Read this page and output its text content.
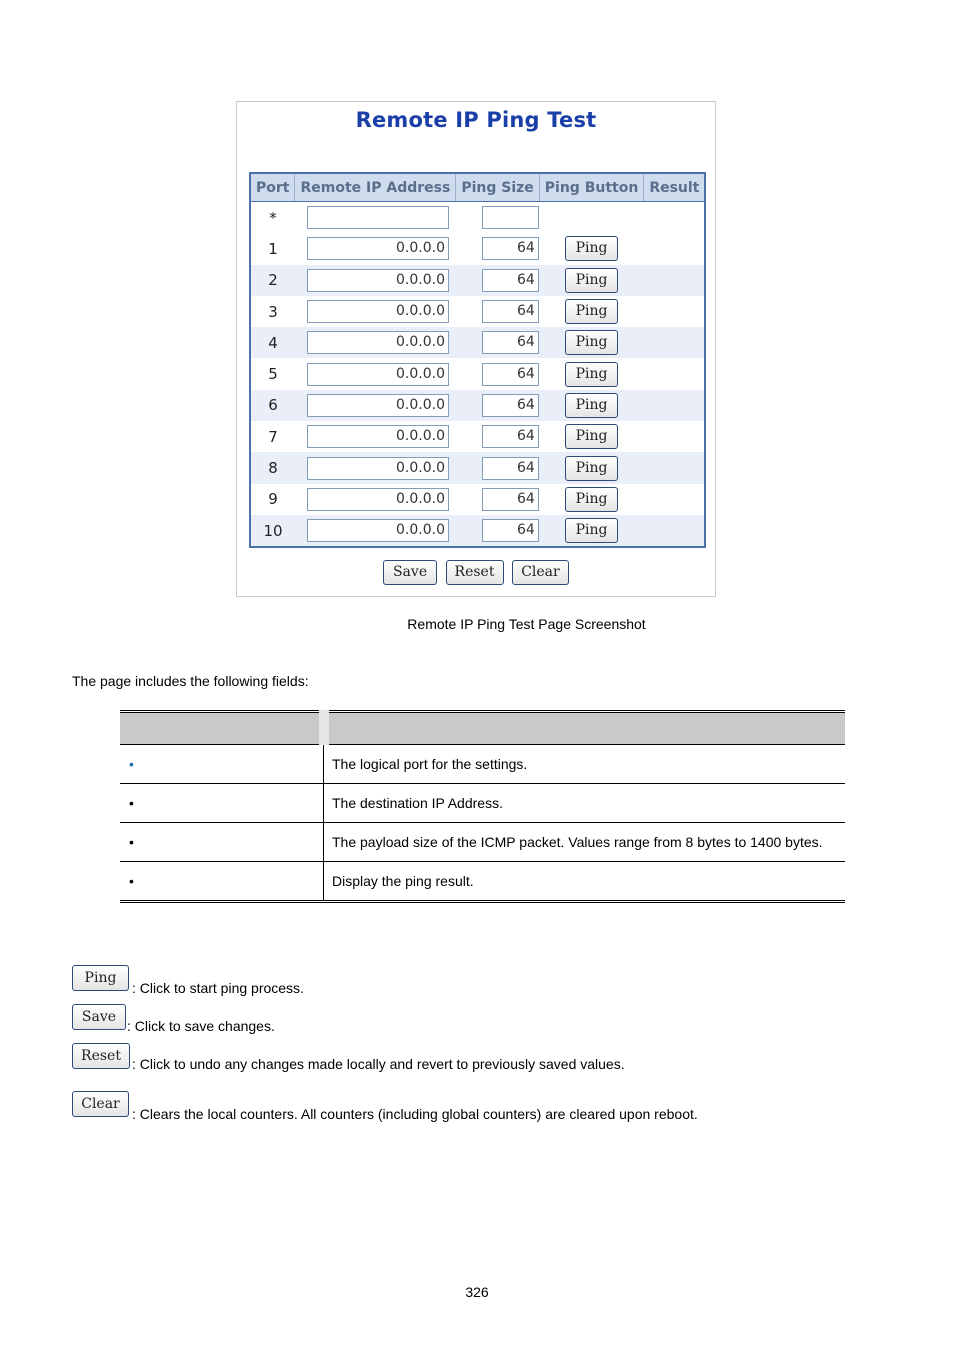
Remote IP Ping Test
Port	Remote IP Address	Ping Size	Ping Button	Result
*	

1	0.0.0.0	64	Ping	
2	0.0.0.0	64	Ping	
3	0.0.0.0	64	Ping	
4	0.0.0.0	64	Ping	
5	0.0.0.0	64	Ping	
6	0.0.0.0	64	Ping	
7	0.0.0.0	64	Ping	
8	0.0.0.0	64	Ping	
9	0.0.0.0	64	Ping	
10	0.0.0.0	64	Ping	
Save Reset Clear
Remote IP Ping Test Page Screenshot
The page includes the following fields:

•	The logical port for the settings.
•	The destination IP Address.
•	The payload size of the ICMP packet. Values range from 8 bytes to 1400 bytes.
•	Display the ping result.
Ping
: Click to start ping process.
Save
: Click to save changes.
Reset : Click to undo any changes made locally and revert to previously saved values.
Clear
: Clears the local counters. All counters (including global counters) are cleared upon reboot.
326
